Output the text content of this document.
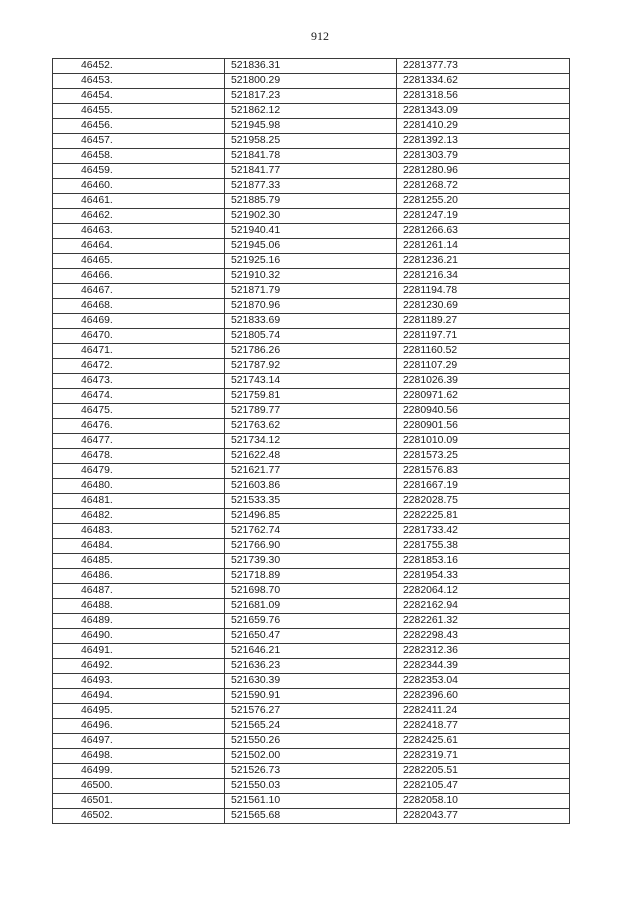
912
46452.	521836.31	2281377.73
46453.	521800.29	2281334.62
46454.	521817.23	2281318.56
46455.	521862.12	2281343.09
46456.	521945.98	2281410.29
46457.	521958.25	2281392.13
46458.	521841.78	2281303.79
46459.	521841.77	2281280.96
46460.	521877.33	2281268.72
46461.	521885.79	2281255.20
46462.	521902.30	2281247.19
46463.	521940.41	2281266.63
46464.	521945.06	2281261.14
46465.	521925.16	2281236.21
46466.	521910.32	2281216.34
46467.	521871.79	2281194.78
46468.	521870.96	2281230.69
46469.	521833.69	2281189.27
46470.	521805.74	2281197.71
46471.	521786.26	2281160.52
46472.	521787.92	2281107.29
46473.	521743.14	2281026.39
46474.	521759.81	2280971.62
46475.	521789.77	2280940.56
46476.	521763.62	2280901.56
46477.	521734.12	2281010.09
46478.	521622.48	2281573.25
46479.	521621.77	2281576.83
46480.	521603.86	2281667.19
46481.	521533.35	2282028.75
46482.	521496.85	2282225.81
46483.	521762.74	2281733.42
46484.	521766.90	2281755.38
46485.	521739.30	2281853.16
46486.	521718.89	2281954.33
46487.	521698.70	2282064.12
46488.	521681.09	2282162.94
46489.	521659.76	2282261.32
46490.	521650.47	2282298.43
46491.	521646.21	2282312.36
46492.	521636.23	2282344.39
46493.	521630.39	2282353.04
46494.	521590.91	2282396.60
46495.	521576.27	2282411.24
46496.	521565.24	2282418.77
46497.	521550.26	2282425.61
46498.	521502.00	2282319.71
46499.	521526.73	2282205.51
46500.	521550.03	2282105.47
46501.	521561.10	2282058.10
46502.	521565.68	2282043.77
